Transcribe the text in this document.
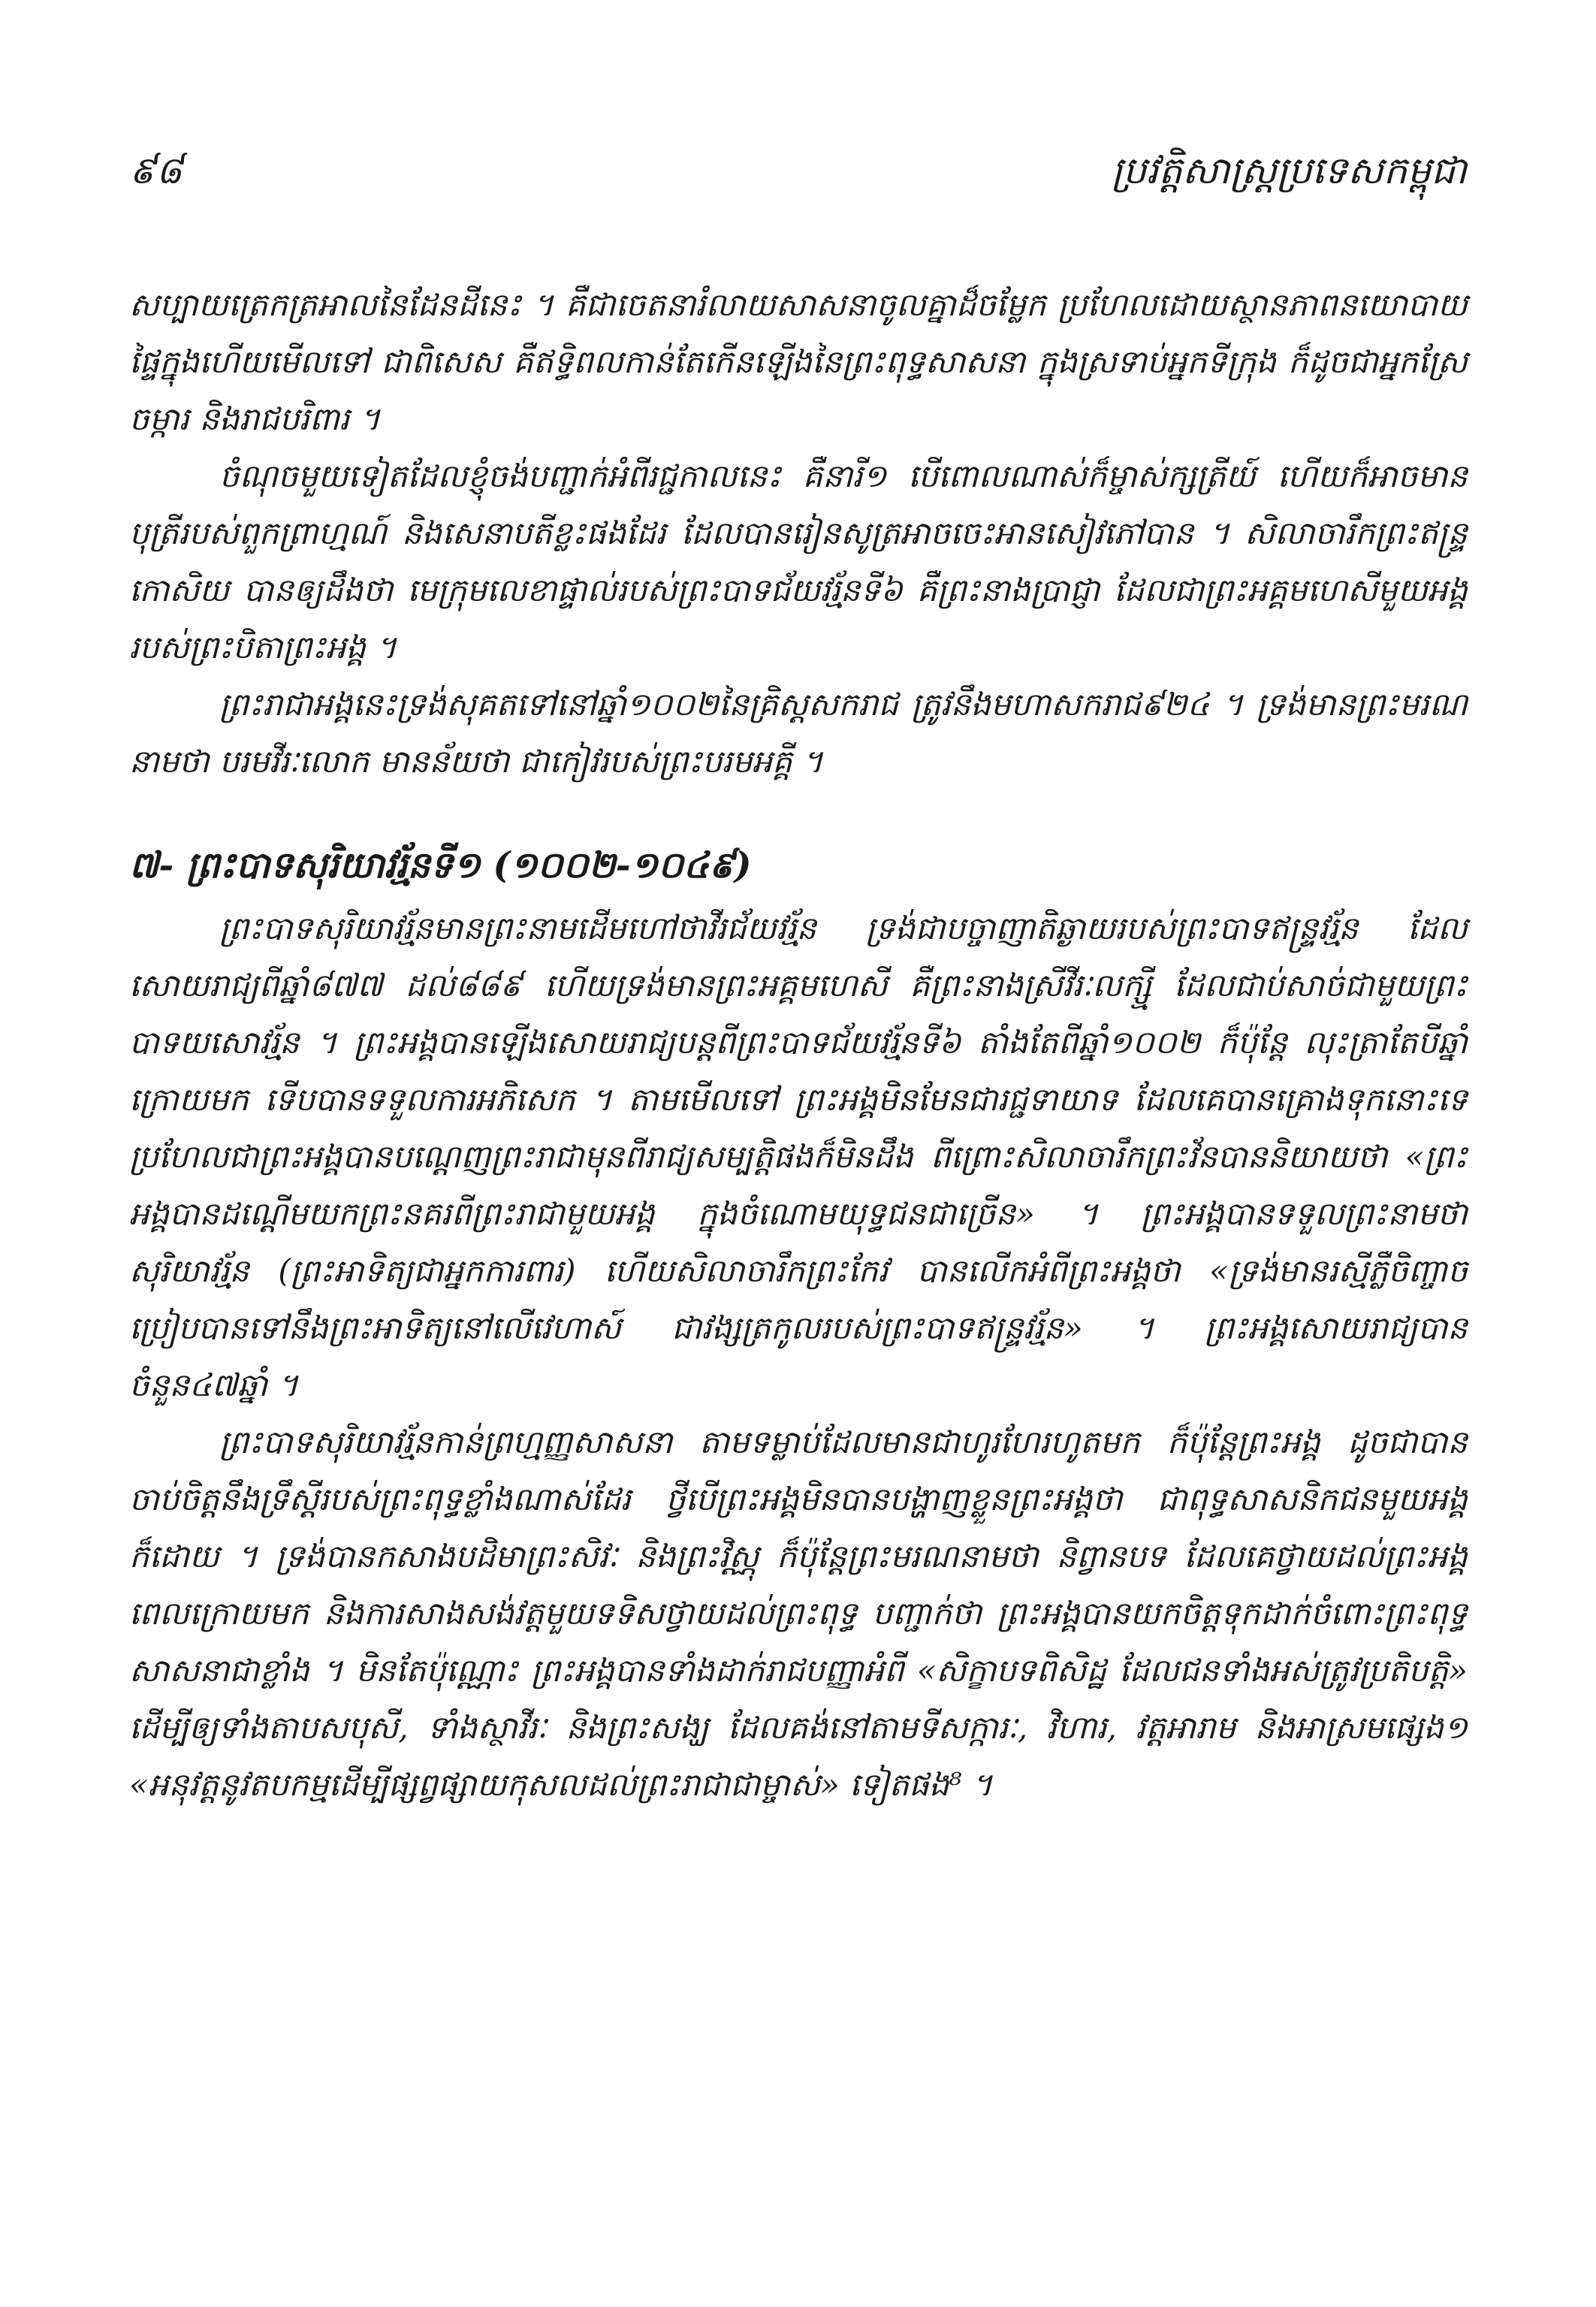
៩៨	ប្រវត្តិសាស្ត្រប្រទេសកម្ពុជា

សប្បាយត្រេកត្រអាលនៃដែនដីនេះ ។ គឺជាចេតនារំលាយសាសនាចូលគ្នាដ៏ចម្លែក ប្រហែលដោយស្ថានភាពនយោបាយផ្ទៃក្នុងហើយមើលទៅ ជាពិសេស គឺឥទ្ធិពលកាន់តែកើនឡើងនៃព្រះពុទ្ធសាសនា ក្នុងស្រទាប់អ្នកទីក្រុង ក៏ដូចជាអ្នកស្រែចម្ការ និងរាជបរិពារ ។

ចំណុចមួយទៀតដែលខ្ញុំចង់បញ្ជាក់អំពីរជ្ជកាលនេះ គឺនារី១ បើពោលណាស់ក៏ម្ចាស់ក្សត្រីយ៍ ហើយក៏អាចមានបុត្រីរបស់ពួកព្រាហ្មណ៍ និងសេនាបតីខ្លះផងដែរ ដែលបានរៀនសូត្រអាចចេះអានសៀវភៅបាន ។ សិលាចារឹកព្រះឥន្ទ្រកោសិយ បានឲ្យដឹងថា មេក្រុមលេខាផ្ទាល់របស់ព្រះបាទជ័យវរ្ម័នទី៦ គឺព្រះនាងប្រាជ្ញា ដែលជាព្រះអគ្គមហេសីមួយអង្គរបស់ព្រះបិតាព្រះអង្គ ។

ព្រះរាជាអង្គនេះទ្រង់សុគតទៅនៅឆ្នាំ១០០២នៃគ្រិស្តសករាជ ត្រូវនឹងមហាសករាជ៩២៤ ។ ទ្រង់មានព្រះមរណនាមថា បរមវីរៈលោក មានន័យថា ជាកៀវរបស់ព្រះបរមអគ្គី ។

៧- ព្រះបាទសុរិយាវរ្ម័នទី១ (១០០២-១០៤៩)

ព្រះបាទសុរិយាវរ្ម័នមានព្រះនាមដើមហៅថាវីរជ័យវរ្ម័ន ទ្រង់ជាបច្ចាញាតិឆ្ងាយរបស់ព្រះបាទឥន្ទ្រវរ្ម័ន ដែលសោយរាជ្យពីឆ្នាំ៨៧៧ ដល់៨៨៩ ហើយទ្រង់មានព្រះអគ្គមហេសី គឺព្រះនាងស្រីវីរៈលក្ស្មី ដែលជាប់សាច់ជាមួយព្រះបាទយសោវរ្ម័ន ។ ព្រះអង្គបានឡើងសោយរាជ្យបន្តពីព្រះបាទជ័យវរ្ម័នទី៦ តាំងតែពីឆ្នាំ១០០២ ក៏ប៉ុន្តែ លុះត្រាតែបីឆ្នាំក្រោយមក ទើបបានទទួលការអភិសេក ។ តាមមើលទៅ ព្រះអង្គមិនមែនជារជ្ជទាយាទ ដែលគេបានគ្រោងទុកនោះទេ ប្រហែលជាព្រះអង្គបានបណ្តេញព្រះរាជាមុនពីរាជ្យសម្បត្តិផងក៏មិនដឹង ពីព្រោះសិលាចារឹកព្រះវ័នបាននិយាយថា «ព្រះអង្គបានដណ្តើមយកព្រះនគរពីព្រះរាជាមួយអង្គ ក្នុងចំណោមយុទ្ធជនជាច្រើន» ។ ព្រះអង្គបានទទួលព្រះនាមថា សុរិយាវរ្ម័ន (ព្រះអាទិត្យជាអ្នកការពារ) ហើយសិលាចារឹកព្រះកែវ បានលើកអំពីព្រះអង្គថា «ទ្រង់មានរស្មីភ្លឺចិញ្ចាច ប្រៀបបានទៅនឹងព្រះអាទិត្យនៅលើវេហាស៍ ជាវង្សត្រកូលរបស់ព្រះបាទឥន្ទ្រវរ្ម័ន» ។ ព្រះអង្គសោយរាជ្យបានចំនួន៤៧ឆ្នាំ ។

ព្រះបាទសុរិយាវរ្ម័នកាន់ព្រហ្មញ្ញសាសនា តាមទម្លាប់ដែលមានជាហូរហែរហូតមក ក៏ប៉ុន្តែព្រះអង្គ ដូចជាបានចាប់ចិត្តនឹងទ្រឹស្តីរបស់ព្រះពុទ្ធខ្លាំងណាស់ដែរ ថ្វីបើព្រះអង្គមិនបានបង្ហាញខ្លួនព្រះអង្គថា ជាពុទ្ធសាសនិកជនមួយអង្គក៏ដោយ ។ ទ្រង់បានកសាងបដិមាព្រះសិវៈ និងព្រះវិស្ណុ ក៏ប៉ុន្តែព្រះមរណនាមថា និព្វានបទ ដែលគេថ្វាយដល់ព្រះអង្គពេលក្រោយមក និងការសាងសង់វត្តមួយទទិសថ្វាយដល់ព្រះពុទ្ធ បញ្ជាក់ថា ព្រះអង្គបានយកចិត្តទុកដាក់ចំពោះព្រះពុទ្ធសាសនាជាខ្លាំង ។ មិនតែប៉ុណ្ណោះ ព្រះអង្គបានទាំងដាក់រាជបញ្ញាអំពី «សិក្ខាបទពិសិដ្ឋ ដែលជនទាំងអស់ត្រូវប្រតិបត្តិ» ដើម្បីឲ្យទាំងតាបសបុសី, ទាំងស្ថាវីរៈ និងព្រះសង្ឃ ដែលគង់នៅតាមទីសក្ការៈ, វិហារ, វត្តអារាម និងអាស្រមផ្សេង១ «អនុវត្តនូវតបកម្មដើម្បីផ្សព្វផ្សាយកុសលដល់ព្រះរាជាជាម្ចាស់» ទៀតផង⁸ ។
